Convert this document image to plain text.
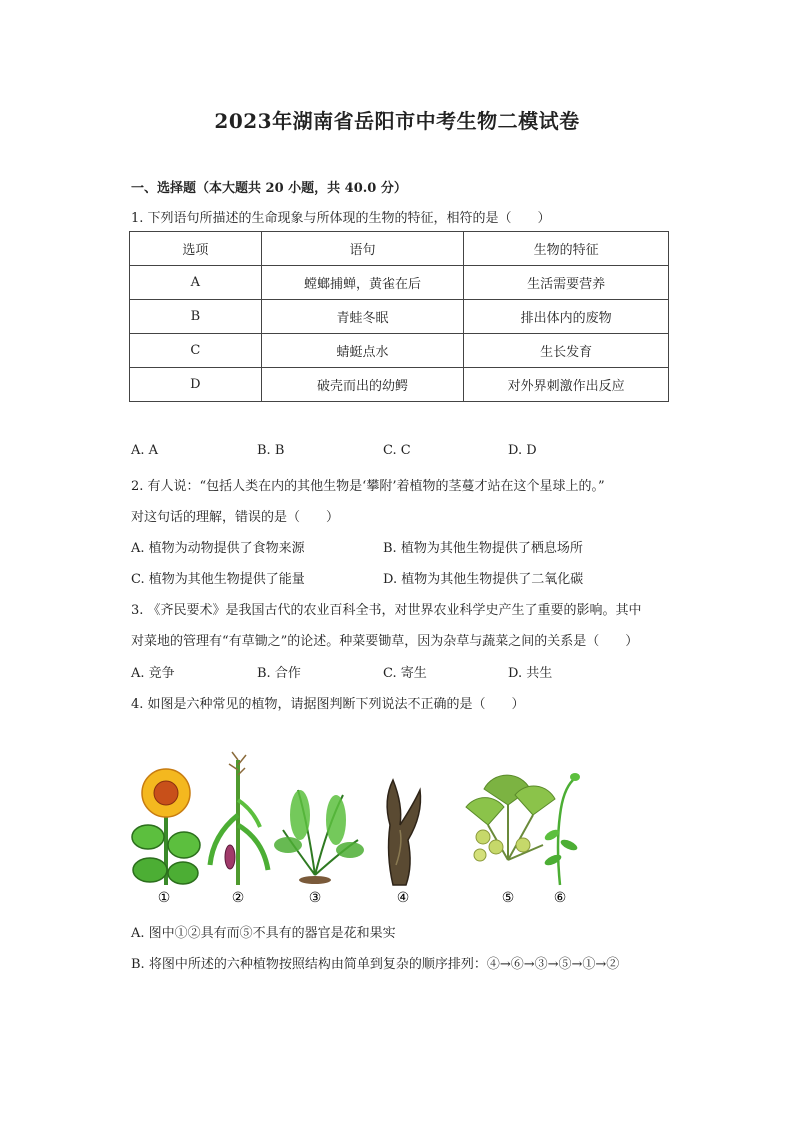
2023年湖南省岳阳市中考生物二模试卷
一、选择题（本大题共 20 小题，共 40.0 分）
1. 下列语句所描述的生命现象与所体现的生物的特征，相符的是（　　）
选项	语句	生物的特征
A	螳螂捕蝉，黄雀在后	生活需要营养
B	青蛙冬眠	排出体内的废物
C	蜻蜓点水	生长发育
D	破壳而出的幼鳄	对外界刺激作出反应
A. A	B. B	C. C	D. D
2. 有人说：“包括人类在内的其他生物是‘攀附’着植物的茎蔓才站在这个星球上的。”
对这句话的理解，错误的是（　　）
A. 植物为动物提供了食物来源	B. 植物为其他生物提供了栖息场所
C. 植物为其他生物提供了能量	D. 植物为其他生物提供了二氧化碳
3. 《齐民要术》是我国古代的农业百科全书，对世界农业科学史产生了重要的影响。其中
对菜地的管理有“有草锄之”的论述。种菜要锄草，因为杂草与蔬菜之间的关系是（　　）
A. 竞争	B. 合作	C. 寄生	D. 共生
4. 如图是六种常见的植物，请据图判断下列说法不正确的是（　　）
①	②	③	④	⑤	⑥
A. 图中①②具有而⑤不具有的器官是花和果实
B. 将图中所述的六种植物按照结构由简单到复杂的顺序排列：④→⑥→③→⑤→①→②
